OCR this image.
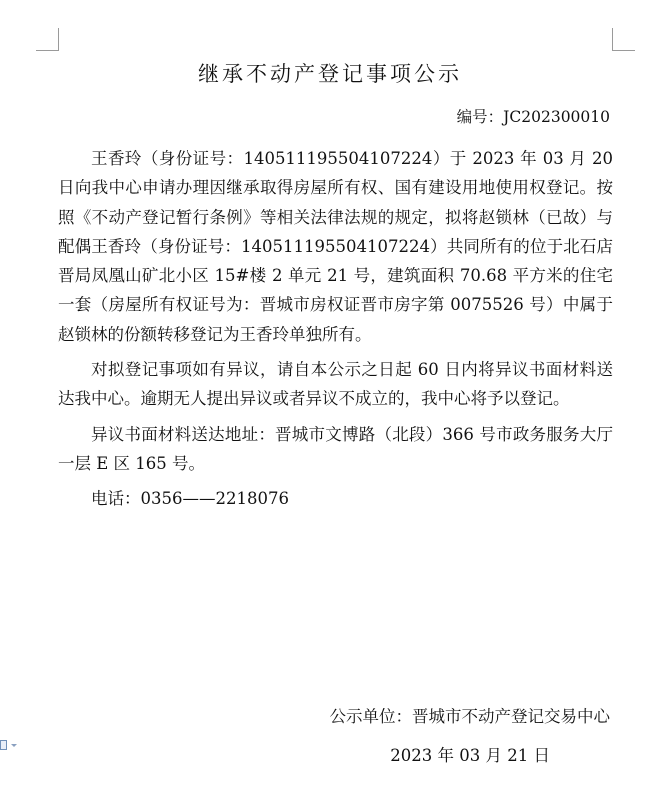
继承不动产登记事项公示
编号：JC202300010

王香玲（身份证号：140511195504107224）于 2023 年 03 月 20 日向我中心申请办理因继承取得房屋所有权、国有建设用地使用权登记。按照《不动产登记暂行条例》等相关法律法规的规定，拟将赵锁林（已故）与配偶王香玲（身份证号：140511195504107224）共同所有的位于北石店晋局凤凰山矿北小区 15#楼 2 单元 21 号，建筑面积 70.68 平方米的住宅一套（房屋所有权证号为：晋城市房权证晋市房字第 0075526 号）中属于赵锁林的份额转移登记为王香玲单独所有。

对拟登记事项如有异议，请自本公示之日起 60 日内将异议书面材料送达我中心。逾期无人提出异议或者异议不成立的，我中心将予以登记。

异议书面材料送达地址：晋城市文博路（北段）366 号市政务服务大厅一层 E 区 165 号。

电话：0356——2218076

公示单位：晋城市不动产登记交易中心
2023 年 03 月 21 日
